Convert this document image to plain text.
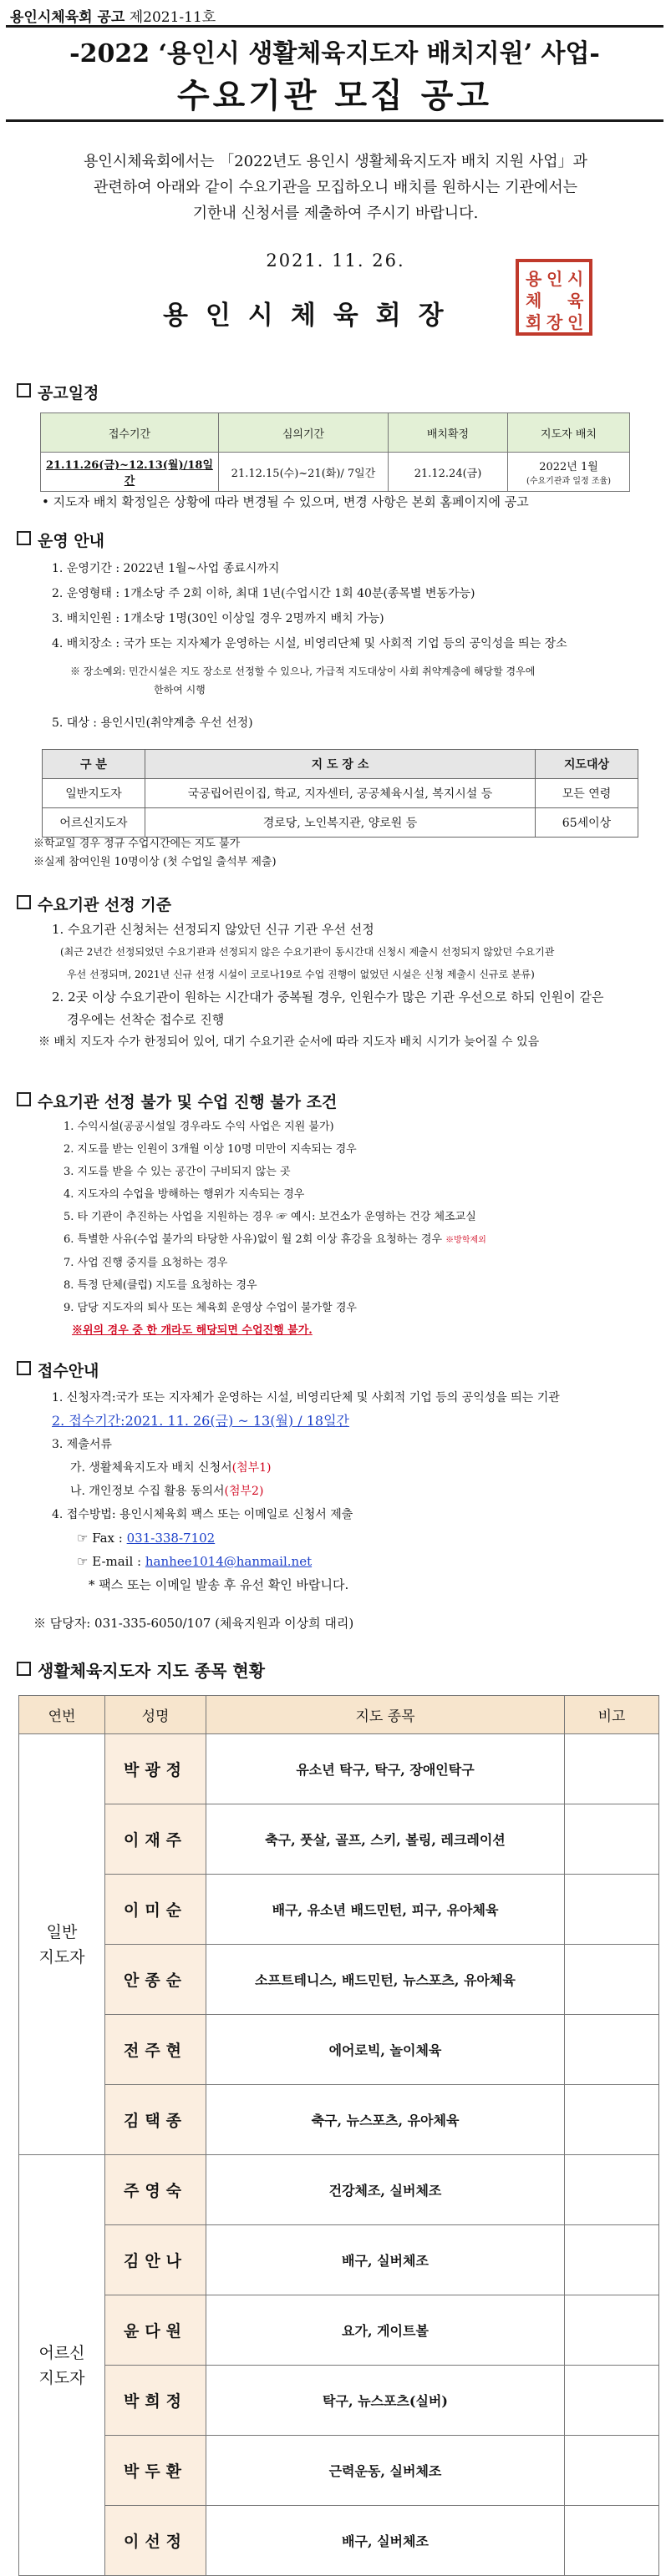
용인시체육회 공고 제2021-11호
-2022 ‘용인시 생활체육지도자 배치지원’ 사업-
수요기관 모집 공고
용인시체육회에서는 「2022년도 용인시 생활체육지도자 배치 지원 사업」과
관련하여 아래와 같이 수요기관을 모집하오니 배치를 원하시는 기관에서는
기한내 신청서를 제출하여 주시기 바랍니다.
2021. 11. 26.
용인시체육회장
용 인 시
체 육
회 장 인
공고일정
접수기간	심의기간	배치확정	지도자 배치
21.11.26(금)~12.13(월)/18일간	21.12.15(수)~21(화)/ 7일간	21.12.24(금)	2022년 1월
(수요기관과 일정 조율)
• 지도자 배치 확정일은 상황에 따라 변경될 수 있으며, 변경 사항은 본회 홈페이지에 공고
운영 안내
1. 운영기간 : 2022년 1월~사업 종료시까지
2. 운영형태 : 1개소당 주 2회 이하, 최대 1년(수업시간 1회 40분(종목별 변동가능)
3. 배치인원 : 1개소당 1명(30인 이상일 경우 2명까지 배치 가능)
4. 배치장소 : 국가 또는 지자체가 운영하는 시설, 비영리단체 및 사회적 기업 등의 공익성을 띄는 장소
※ 장소예외: 민간시설은 지도 장소로 선정할 수 있으나, 가급적 지도대상이 사회 취약계층에 해당할 경우에
한하여 시행
5. 대상 : 용인시민(취약계층 우선 선정)
구 분	지 도 장 소	지도대상
일반지도자	국공립어린이집, 학교, 지자센터, 공공체육시설, 복지시설 등	모든 연령
어르신지도자	경로당, 노인복지관, 양로원 등	65세이상
※학교일 경우 정규 수업시간에는 지도 불가
※실제 참여인원 10명이상 (첫 수업일 출석부 제출)
수요기관 선정 기준
1. 수요기관 신청처는 선정되지 않았던 신규 기관 우선 선정
(최근 2년간 선정되었던 수요기관과 선정되지 않은 수요기관이 동시간대 신청시 제출시 선정되지 않았던 수요기관
우선 선정되며, 2021년 신규 선정 시설이 코로나19로 수업 진행이 없었던 시설은 신청 제출시 신규로 분류)
2. 2곳 이상 수요기관이 원하는 시간대가 중복될 경우, 인원수가 많은 기관 우선으로 하되 인원이 같은
경우에는 선착순 접수로 진행
※ 배치 지도자 수가 한정되어 있어, 대기 수요기관 순서에 따라 지도자 배치 시기가 늦어질 수 있음
수요기관 선정 불가 및 수업 진행 불가 조건
1. 수익시설(공공시설일 경우라도 수익 사업은 지원 불가)
2. 지도를 받는 인원이 3개월 이상 10명 미만이 지속되는 경우
3. 지도를 받을 수 있는 공간이 구비되지 않는 곳
4. 지도자의 수업을 방해하는 행위가 지속되는 경우
5. 타 기관이 추진하는 사업을 지원하는 경우 ☞ 예시: 보건소가 운영하는 건강 체조교실
6. 특별한 사유(수업 불가의 타당한 사유)없이 월 2회 이상 휴강을 요청하는 경우 ※방학제외
7. 사업 진행 중지를 요청하는 경우
8. 특정 단체(클럽) 지도를 요청하는 경우
9. 담당 지도자의 퇴사 또는 체육회 운영상 수업이 불가할 경우
※위의 경우 중 한 개라도 해당되면 수업진행 불가.
접수안내
1. 신청자격:국가 또는 지자체가 운영하는 시설, 비영리단체 및 사회적 기업 등의 공익성을 띄는 기관
2. 접수기간:2021. 11. 26(금) ~ 13(월) / 18일간
3. 제출서류
가. 생활체육지도자 배치 신청서(첨부1)
나. 개인정보 수집 활용 동의서(첨부2)
4. 접수방법: 용인시체육회 팩스 또는 이메일로 신청서 제출
☞ Fax : 031-338-7102
☞ E-mail : hanhee1014@hanmail.net
* 팩스 또는 이메일 발송 후 유선 확인 바랍니다.
※ 담당자: 031-335-6050/107 (체육지원과 이상희 대리)
생활체육지도자 지도 종목 현황
연번	성명	지도 종목	비고

일반
지도자	박광정	유소년 탁구, 탁구, 장애인탁구	
	이재주	축구, 풋살, 골프, 스키, 볼링, 레크레이션	
	이미순	배구, 유소년 배드민턴, 피구, 유아체육	
	안종순	소프트테니스, 배드민턴, 뉴스포츠, 유아체육	
	전주현	에어로빅, 놀이체육	
	김택종	축구, 뉴스포츠, 유아체육	

어르신
지도자	주영숙	건강체조, 실버체조	
	김안나	배구, 실버체조	
	윤다원	요가, 게이트볼	
	박희정	탁구, 뉴스포츠(실버)	
	박두환	근력운동, 실버체조	
	이선정	배구, 실버체조	
